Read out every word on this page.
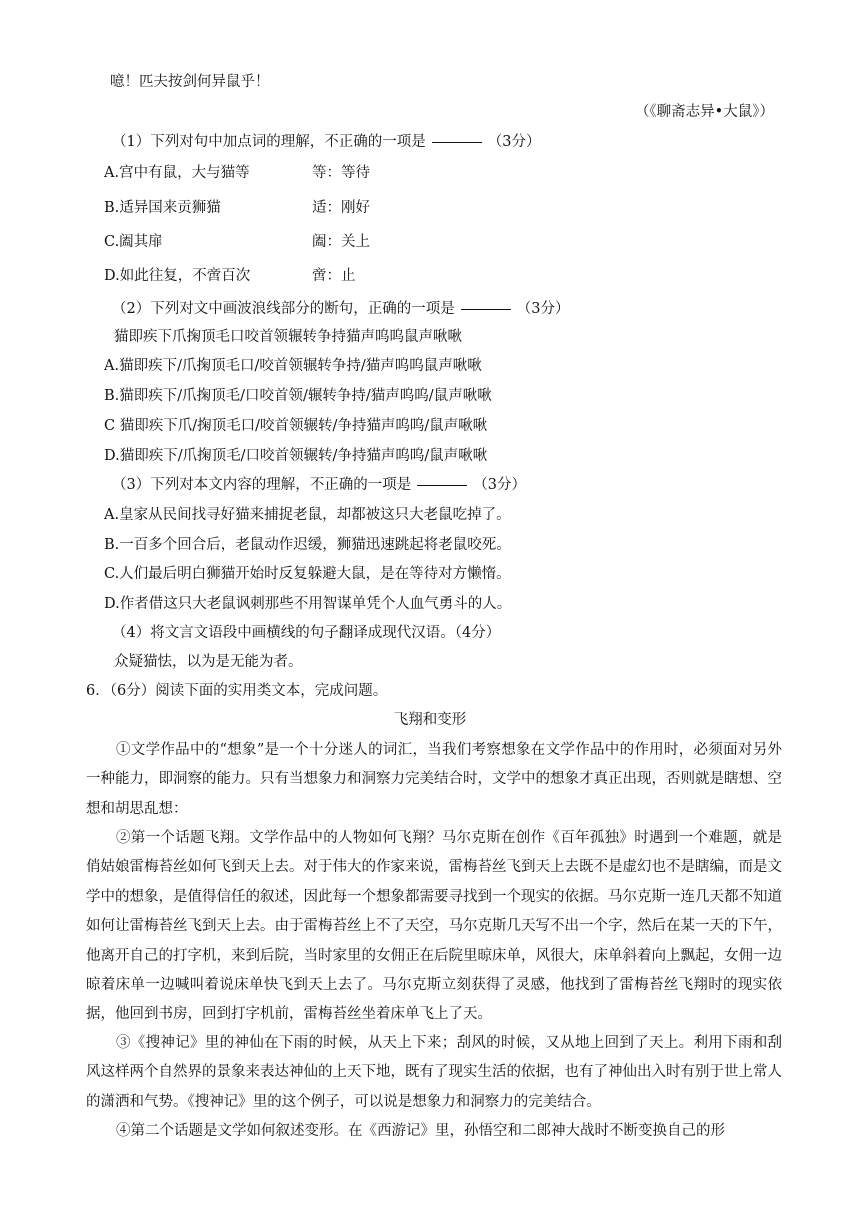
噫！匹夫按剑何异鼠乎！
（《聊斋志异•大鼠》）
（1）下列对句中加点词的理解，不正确的一项是	（3分）
A.宫中有鼠，大与猫等	等：等待
B.适异国来贡狮猫	适：刚好
C.阖其扉	阖：关上
D.如此往复，不啻百次	啻：止
（2）下列对文中画波浪线部分的断句，正确的一项是	（3分）
猫即疾下爪掬顶毛口咬首领辗转争持猫声呜呜鼠声啾啾
A.猫即疾下/爪掬顶毛口/咬首领辗转争持/猫声呜呜鼠声啾啾
B.猫即疾下/爪掬顶毛/口咬首领/辗转争持/猫声呜呜/鼠声啾啾
C 猫即疾下爪/掬顶毛口/咬首领辗转/争持猫声呜呜/鼠声啾啾
D.猫即疾下/爪掬顶毛/口咬首领辗转/争持猫声呜呜/鼠声啾啾
（3）下列对本文内容的理解，不正确的一项是	（3分）
A.皇家从民间找寻好猫来捕捉老鼠，却都被这只大老鼠吃掉了。
B.一百多个回合后，老鼠动作迟缓，狮猫迅速跳起将老鼠咬死。
C.人们最后明白狮猫开始时反复躲避大鼠，是在等待对方懒惰。
D.作者借这只大老鼠讽刺那些不用智谋单凭个人血气勇斗的人。
（4）将文言文语段中画横线的句子翻译成现代汉语。（4分）
众疑猫怯，以为是无能为者。
6．（6分）阅读下面的实用类文本，完成问题。
飞翔和变形
①文学作品中的“想象”是一个十分迷人的词汇，当我们考察想象在文学作品中的作用时，必须面对另外一种能力，即洞察的能力。只有当想象力和洞察力完美结合时，文学中的想象才真正出现，否则就是瞎想、空想和胡思乱想：
②第一个话题飞翔。文学作品中的人物如何飞翔？马尔克斯在创作《百年孤独》时遇到一个难题，就是俏姑娘雷梅苔丝如何飞到天上去。对于伟大的作家来说，雷梅苔丝飞到天上去既不是虚幻也不是瞎编，而是文学中的想象，是值得信任的叙述，因此每一个想象都需要寻找到一个现实的依据。马尔克斯一连几天都不知道如何让雷梅苔丝飞到天上去。由于雷梅苔丝上不了天空，马尔克斯几天写不出一个字，然后在某一天的下午，他离开自己的打字机，来到后院，当时家里的女佣正在后院里晾床单，风很大，床单斜着向上飘起，女佣一边晾着床单一边喊叫着说床单快飞到天上去了。马尔克斯立刻获得了灵感，他找到了雷梅苔丝飞翔时的现实依据，他回到书房，回到打字机前，雷梅苔丝坐着床单飞上了天。
③《搜神记》里的神仙在下雨的时候，从天上下来；刮风的时候，又从地上回到了天上。利用下雨和刮风这样两个自然界的景象来表达神仙的上天下地，既有了现实生活的依据，也有了神仙出入时有别于世上常人的潇洒和气势。《搜神记》里的这个例子，可以说是想象力和洞察力的完美结合。
④第二个话题是文学如何叙述变形。在《西游记》里，孙悟空和二郎神大战时不断变换自己的形
